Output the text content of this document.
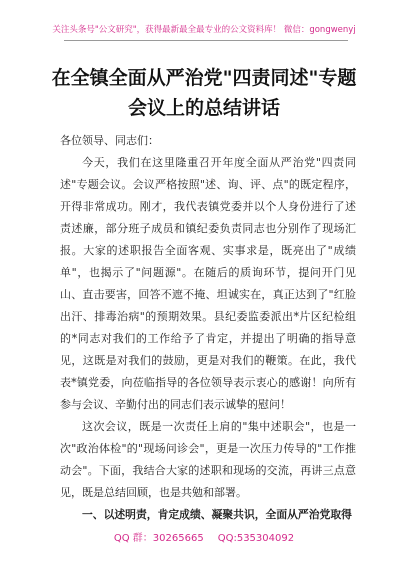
关注头条号"公文研究"，获得最新最全最专业的公文资料库！ 微信：gongwenyj
在全镇全面从严治党"四责同述"专题会议上的总结讲话

各位领导、同志们：

今天，我们在这里隆重召开年度全面从严治党"四责同述"专题会议。会议严格按照"述、询、评、点"的既定程序，开得非常成功。刚才，我代表镇党委并以个人身份进行了述责述廉，部分班子成员和镇纪委负责同志也分别作了现场汇报。大家的述职报告全面客观、实事求是，既亮出了"成绩单"，也揭示了"问题源"。在随后的质询环节，提问开门见山、直击要害，回答不遮不掩、坦诚实在，真正达到了"红脸出汗、排毒治病"的预期效果。县纪委监委派出*片区纪检组的*同志对我们的工作给予了肯定，并提出了明确的指导意见，这既是对我们的鼓励，更是对我们的鞭策。在此，我代表*镇党委，向莅临指导的各位领导表示衷心的感谢！向所有参与会议、辛勤付出的同志们表示诚挚的慰问！

这次会议，既是一次责任上肩的"集中述职会"，也是一次"政治体检"的"现场问诊会"，更是一次压力传导的"工作推动会"。下面，我结合大家的述职和现场的交流，再讲三点意见，既是总结回顾，也是共勉和部署。

一、以述明责，肯定成绩、凝聚共识，全面从严治党取得

QQ 群：30265665 QQ:535304092
